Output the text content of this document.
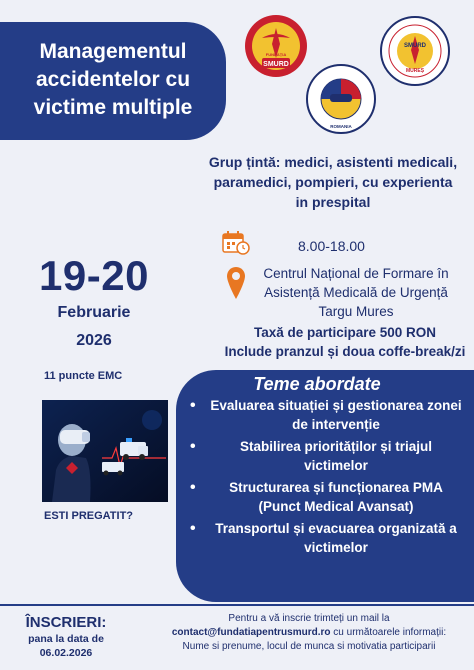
Managementul
accidentelor cu
victime multiple
SMURD
FUNDAȚIA
ROMANIA
SMURD
MUREȘ
Grup țintă: medici, asistenti medicali, paramedici, pompieri, cu experienta in prespital
19-20
Februarie
2026
11 puncte EMC
ESTI PREGATIT?
8.00-18.00
Centrul Național de Formare în
Asistență Medicală de Urgență
Targu Mures
Taxă de participare 500 RON
Include pranzul și doua coffe-break/zi
Teme abordate
• Evaluarea situației și gestionarea zonei de intervenție
• Stabilirea priorităților și triajul victimelor
• Structurarea și funcționarea PMA (Punct Medical Avansat)
• Transportul și evacuarea organizată a victimelor
ÎNSCRIERI:
pana la data de
06.02.2026
Pentru a vă inscrie trimteți un mail la
contact@fundatiapentrusmurd.ro cu următoarele informații:
Nume si prenume, locul de munca si motivatia participarii
